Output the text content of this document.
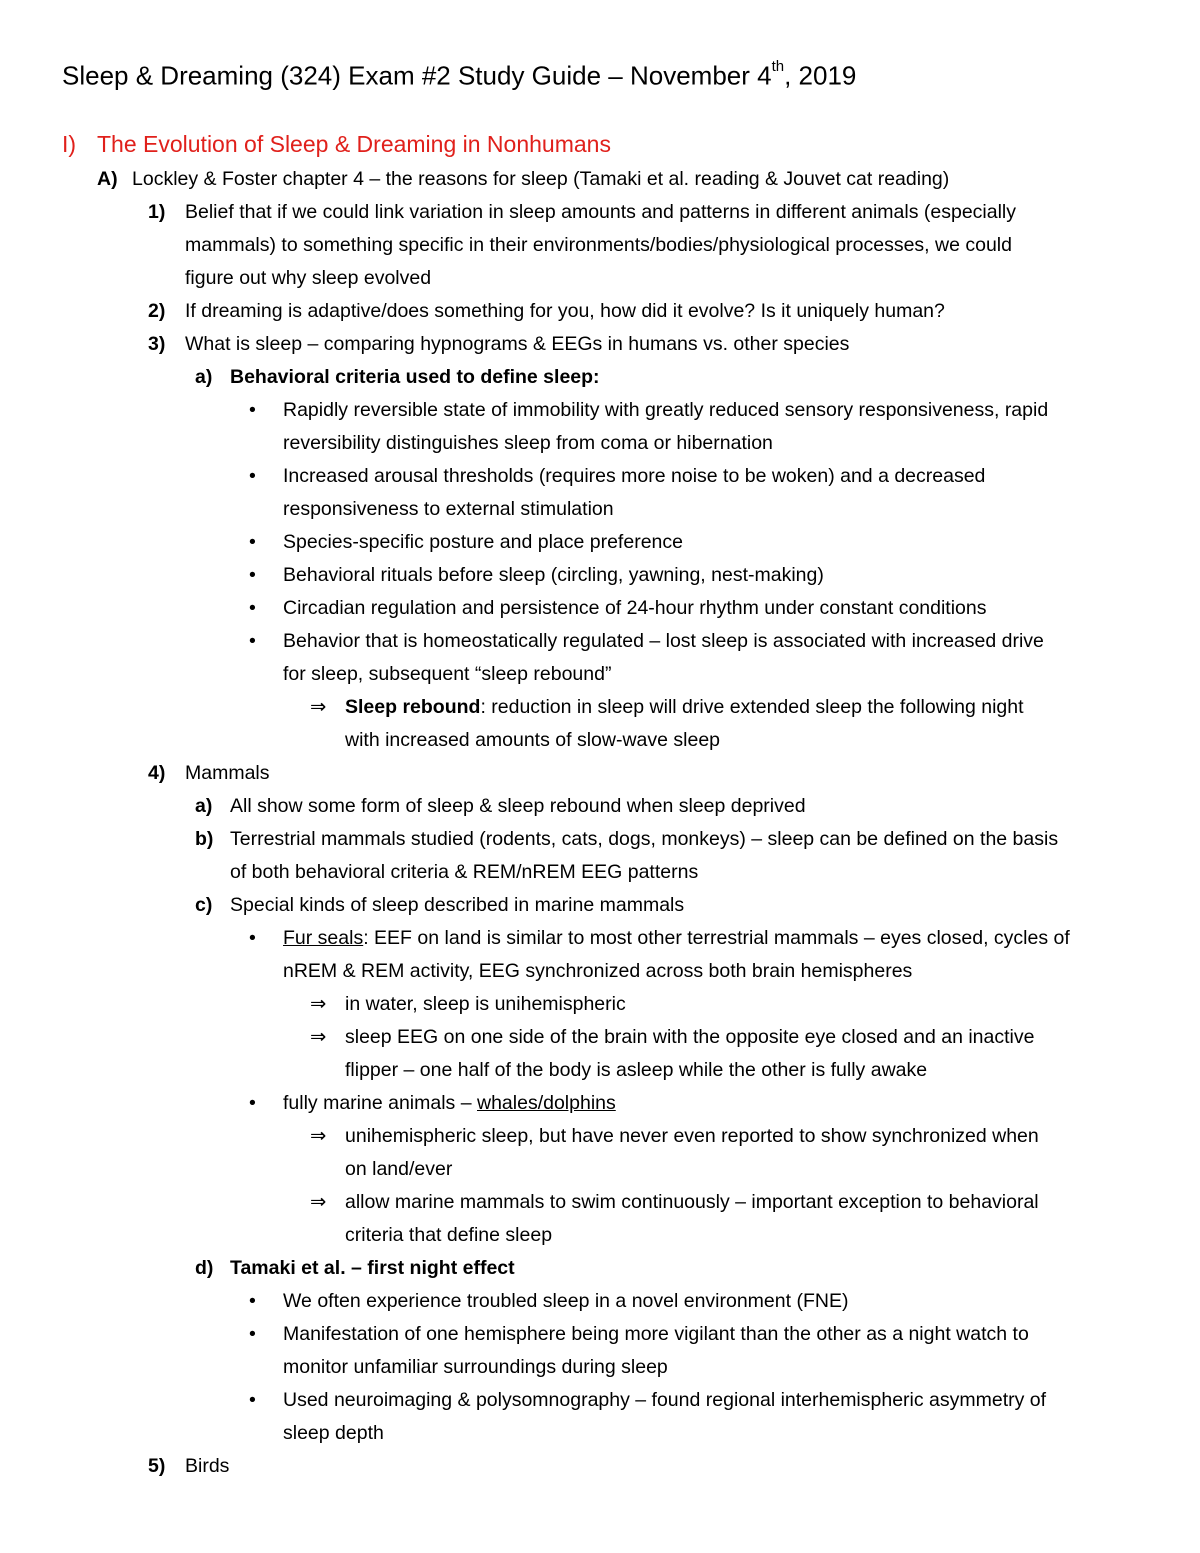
Sleep & Dreaming (324) Exam #2 Study Guide – November 4th, 2019
I) The Evolution of Sleep & Dreaming in Nonhumans
A) Lockley & Foster chapter 4 – the reasons for sleep (Tamaki et al. reading & Jouvet cat reading)
1) Belief that if we could link variation in sleep amounts and patterns in different animals (especially
mammals) to something specific in their environments/bodies/physiological processes, we could
figure out why sleep evolved
2) If dreaming is adaptive/does something for you, how did it evolve? Is it uniquely human?
3) What is sleep – comparing hypnograms & EEGs in humans vs. other species
a) Behavioral criteria used to define sleep:
• Rapidly reversible state of immobility with greatly reduced sensory responsiveness, rapid
reversibility distinguishes sleep from coma or hibernation
• Increased arousal thresholds (requires more noise to be woken) and a decreased
responsiveness to external stimulation
• Species-specific posture and place preference
• Behavioral rituals before sleep (circling, yawning, nest-making)
• Circadian regulation and persistence of 24-hour rhythm under constant conditions
• Behavior that is homeostatically regulated – lost sleep is associated with increased drive
for sleep, subsequent “sleep rebound”
⇒ Sleep rebound: reduction in sleep will drive extended sleep the following night
with increased amounts of slow-wave sleep
4) Mammals
a) All show some form of sleep & sleep rebound when sleep deprived
b) Terrestrial mammals studied (rodents, cats, dogs, monkeys) – sleep can be defined on the basis
of both behavioral criteria & REM/nREM EEG patterns
c) Special kinds of sleep described in marine mammals
• Fur seals: EEF on land is similar to most other terrestrial mammals – eyes closed, cycles of
nREM & REM activity, EEG synchronized across both brain hemispheres
⇒ in water, sleep is unihemispheric
⇒ sleep EEG on one side of the brain with the opposite eye closed and an inactive
flipper – one half of the body is asleep while the other is fully awake
• fully marine animals – whales/dolphins
⇒ unihemispheric sleep, but have never even reported to show synchronized when
on land/ever
⇒ allow marine mammals to swim continuously – important exception to behavioral
criteria that define sleep
d) Tamaki et al. – first night effect
• We often experience troubled sleep in a novel environment (FNE)
• Manifestation of one hemisphere being more vigilant than the other as a night watch to
monitor unfamiliar surroundings during sleep
• Used neuroimaging & polysomnography – found regional interhemispheric asymmetry of
sleep depth
5) Birds
